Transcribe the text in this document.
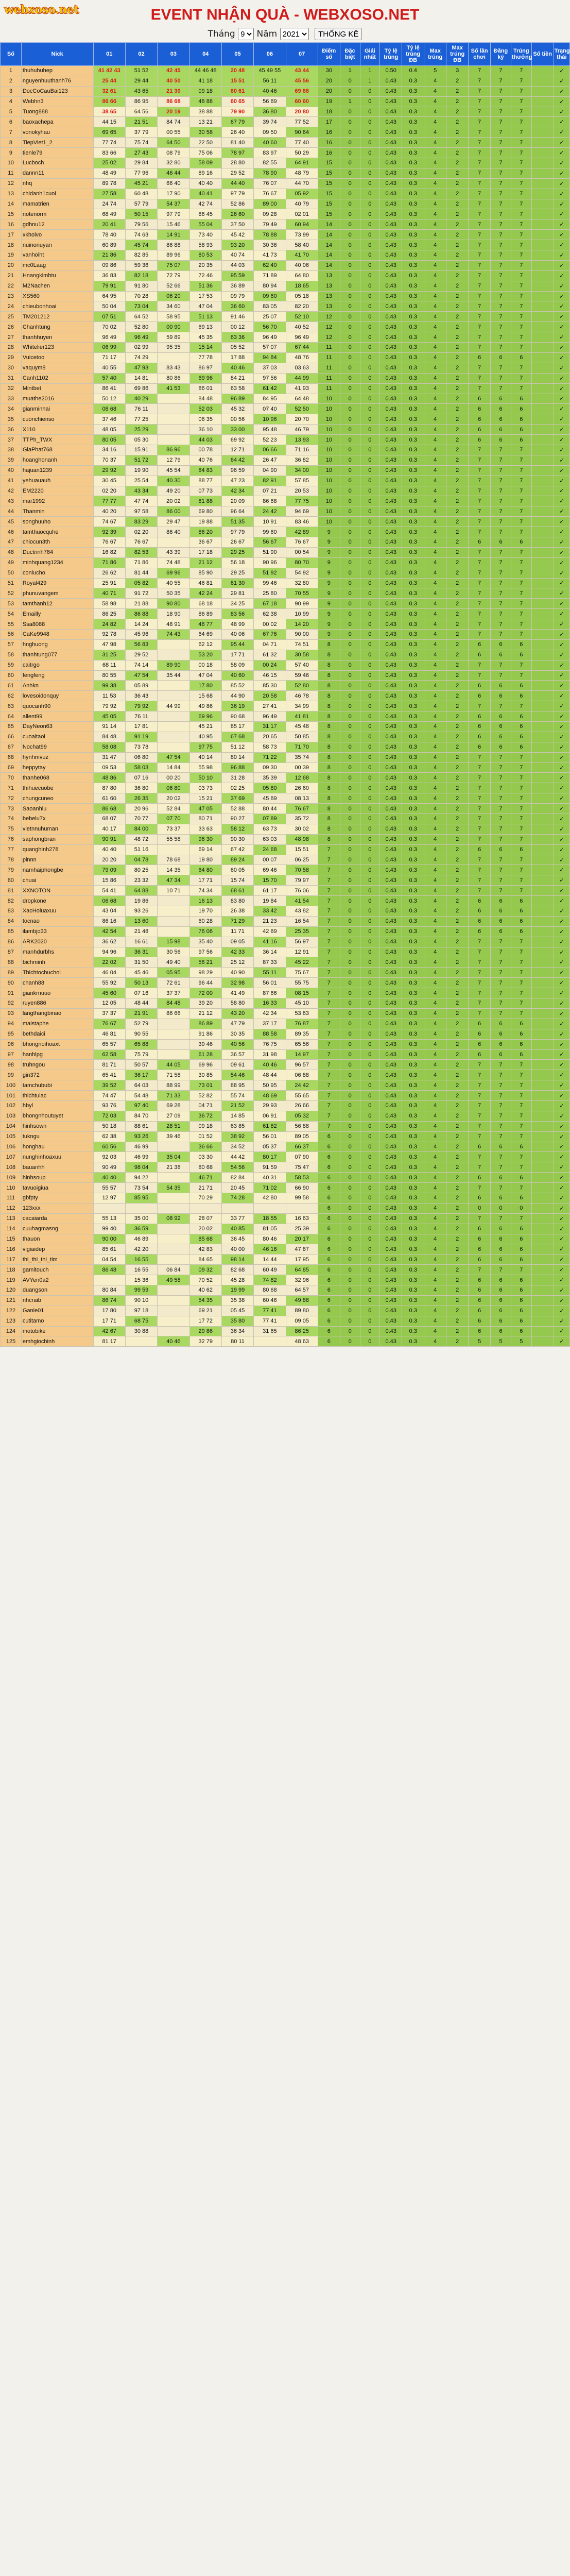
webxoso.net	EVENT NHẬN QUÀ - WEBXOSO.NET
Tháng
9 Năm
2021	THỐNG KÊ
Số	Nick	01	02	03	04	05	06	07	Điểm số	Đặc biệt	Giải nhất	Tỷ lệ trúng	Tỷ lệ trúng ĐB	Max trúng	Max trúng ĐB	Số lần chơi	Đăng ký	Trúng thưởng	Số tiền	Trạng thái
1	thuhuhuhep	41 42 43	51 52	42 45	44 46 48	20 48	45 49 55	43 44	30	1	1	0.50	0.4	5	3	7	7	7		✓
2	nguyenhuuthanh76	25 44	29 44	40 50	41 18	15 51	56 11	45 56	20	0	1	0.43	0.3	4	2	7	7	7		✓
3	DocCoCauBai123	32 61	43 65	21 30	09 18	60 61	40 46	69 88	20	0	0	0.43	0.3	4	2	7	7	7		✓
4	Webhn3	86 66	86 95	86 68	48 88	60 65	56 89	60 60	19	1	0	0.43	0.3	4	2	7	7	7		✓
5	Tuong888	38 65	64 56	20 19	38 88	79 90	36 80	20 80	18	0	0	0.43	0.3	4	2	7	7	7		✓
6	baoxachepa	44 15	21 51	84 74	13 21	67 79	39 74	77 52	17	0	0	0.43	0.3	4	2	7	7	7		✓
7	vonokyhau	69 65	37 79	00 55	30 58	26 40	09 50	90 64	16	0	0	0.43	0.3	4	2	7	7	7		✓
8	TiepViet1_2	77 74	75 74	64 50	22 50	81 40	40 60	77 40	16	0	0	0.43	0.3	4	2	7	7	7		✓
9	tienle79	83 66	27 43	08 79	75 06	78 97	83 97	50 29	16	0	0	0.43	0.3	4	2	7	7	7		✓
10	Lucboch	25 02	29 84	32 80	58 09	28 80	82 55	64 91	15	0	0	0.43	0.3	4	2	7	7	7		✓
11	dannn11	48 49	77 96	46 44	89 16	29 52	78 90	48 79	15	0	0	0.43	0.3	4	2	7	7	7		✓
12	nhq	89 78	45 21	66 40	40 40	44 40	76 07	44 70	15	0	0	0.43	0.3	4	2	7	7	7		✓
13	chidanh1cuoi	27 58	60 48	17 90	40 41	97 79	76 67	05 92	15	0	0	0.43	0.3	4	2	7	7	7		✓
14	mamatrien	24 74	57 79	54 37	42 74	52 86	89 00	40 79	15	0	0	0.43	0.3	4	2	7	7	7		✓
15	notenorm	68 49	50 15	97 79	86 45	26 60	09 28	02 01	15	0	0	0.43	0.3	4	2	7	7	7		✓
16	gdhnu12	20 41	79 56	15 46	55 04	37 50	79 49	60 94	14	0	0	0.43	0.3	4	2	7	7	7		✓
17	xkhoivo	78 40	74 63	14 91	73 40	45 42	78 88	73 99	14	0	0	0.43	0.3	4	2	7	7	7		✓
18	nuinonuyan	60 89	45 74	86 88	58 93	93 20	30 36	58 40	14	0	0	0.43	0.3	4	2	7	7	7		✓
19	vanhoiht	21 86	82 85	89 96	80 53	40 74	41 73	41 70	14	0	0	0.43	0.3	4	2	7	7	7		✓
20	mc0Laag	09 86	59 36	75 07	20 35	44 03	62 40	40 06	14	0	0	0.43	0.3	4	2	7	7	7		✓
21	Hnangkimhtu	36 83	82 18	72 79	72 46	95 59	71 89	64 80	13	0	0	0.43	0.3	4	2	7	7	7		✓
22	M2Nachen	79 91	91 80	52 66	51 36	36 89	80 94	18 65	13	0	0	0.43	0.3	4	2	7	7	7		✓
23	XS560	64 95	70 28	06 20	17 53	09 79	09 60	05 18	13	0	0	0.43	0.3	4	2	7	7	7		✓
24	chieubonhoai	50 04	73 04	34 60	47 04	36 60	83 05	82 20	13	0	0	0.43	0.3	4	2	7	7	7		✓
25	TM201212	07 51	64 52	58 95	51 13	91 46	25 07	52 10	12	0	0	0.43	0.3	4	2	7	7	7		✓
26	Chanhtung	70 02	52 80	00 90	69 13	00 12	56 70	40 52	12	0	0	0.43	0.3	4	2	7	7	7		✓
27	thanhhuyen	96 49	96 49	59 89	45 35	63 36	96 49	96 49	12	0	0	0.43	0.3	4	2	7	7	7		✓
28	Whitelier123	06 99	02 99	95 35	15 14	05 52	57 07	67 44	11	0	0	0.43	0.3	4	2	7	7	7		✓
29	Vuicetoo	71 17	74 29		77 78	17 88	94 84	48 76	11	0	0	0.43	0.3	4	2	6	6	6		✓
30	vaquym8	40 55	47 93	83 43	86 97	40 46	37 03	03 63	11	0	0	0.43	0.3	4	2	7	7	7		✓
31	Canh1102	57 40	14 81	80 86	69 96	84 21	97 56	44 99	11	0	0	0.43	0.3	4	2	7	7	7		✓
32	Mintbet	86 41	69 86	41 53	86 01	63 58	61 42	41 93	11	0	0	0.43	0.3	4	2	7	7	7		✓
33	muathe2016	50 12	40 29		84 48	96 89	84 95	64 48	10	0	0	0.43	0.3	4	2	6	6	6		✓
34	gianminhai	08 68	76 11		52 03	45 32	07 40	52 50	10	0	0	0.43	0.3	4	2	6	6	6		✓
35	cuonchienso	37 46	77 25		08 35	00 56	10 96	20 70	10	0	0	0.43	0.3	4	2	6	6	6		✓
36	X110	48 05	25 29		36 10	33 00	95 48	46 79	10	0	0	0.43	0.3	4	2	6	6	6		✓
37	TTPh_TWX	80 05	05 30		44 03	69 92	52 23	13 93	10	0	0	0.43	0.3	4	2	6	6	6		✓
38	GiaPhat768	34 16	15 91	86 96	00 78	12 71	06 66	71 16	10	0	0	0.43	0.3	4	2	7	7	7		✓
39	hoanghonanh	70 37	51 72	12 79	40 76	64 42	26 47	36 82	10	0	0	0.43	0.3	4	2	7	7	7		✓
40	hajuan1239	29 92	19 90	45 54	84 83	96 59	04 90	34 00	10	0	0	0.43	0.3	4	2	7	7	7		✓
41	yehuauauh	30 45	25 54	40 30	88 77	47 23	82 91	57 85	10	0	0	0.43	0.3	4	2	7	7	7		✓
42	EM2220	02 20	43 34	49 20	07 73	42 34	07 21	20 53	10	0	0	0.43	0.3	4	2	7	7	7		✓
43	mar1992	77 77	47 74	20 02	81 88	20 09	86 68	77 75	10	0	0	0.43	0.3	4	2	7	7	7		✓
44	Thanmin	40 20	97 58	86 00	69 80	96 64	24 42	94 69	10	0	0	0.43	0.3	4	2	7	7	7		✓
45	songhuuho	74 67	83 29	29 47	19 88	51 35	10 91	83 46	10	0	0	0.43	0.3	4	2	7	7	7		✓
46	tamthuocquhe	92 39	02 20	86 40	86 20	97 79	99 60	42 89	9	0	0	0.43	0.3	4	2	7	7	7		✓
47	chiocun3th	76 67	76 67		36 67	26 67	56 67	76 67	9	0	0	0.43	0.3	4	2	6	6	6		✓
48	Ductrinh784	16 82	82 53	43 39	17 18	29 25	51 90	00 54	9	0	0	0.43	0.3	4	2	7	7	7		✓
49	minhquang1234	71 86	71 86	74 48	21 12	56 18	90 96	80 70	9	0	0	0.43	0.3	4	2	7	7	7		✓
50	conlucho	26 62	81 44	69 96	85 90	29 25	51 92	54 92	9	0	0	0.43	0.3	4	2	7	7	7		✓
51	Royal429	25 91	05 82	40 55	46 81	61 30	99 46	32 80	9	0	0	0.43	0.3	4	2	7	7	7		✓
52	phunuvangem	40 71	91 72	50 35	42 24	29 81	25 80	70 55	9	0	0	0.43	0.3	4	2	7	7	7		✓
53	tamthanh12	58 98	21 88	90 80	68 18	34 25	67 18	90 99	9	0	0	0.43	0.3	4	2	7	7	7		✓
54	Emailly	86 25	86 88	18 90	86 89	83 56	62 38	10 99	9	0	0	0.43	0.3	4	2	7	7	7		✓
55	Ssa8088	24 82	14 24	48 91	46 77	48 99	00 02	14 20	9	0	0	0.43	0.3	4	2	7	7	7		✓
56	CaKe9948	92 78	45 96	74 43	64 69	40 06	67 76	90 00	9	0	0	0.43	0.3	4	2	7	7	7		✓
57	hnghuong	47 98	56 83		62 12	95 44	04 71	74 51	8	0	0	0.43	0.3	4	2	6	6	6		✓
58	thanhtung077	31 25	29 52		53 20	17 71	61 32	30 58	8	0	0	0.43	0.3	4	2	6	6	6		✓
59	caitrgo	68 11	74 14	89 90	00 18	58 09	00 24	57 40	8	0	0	0.43	0.3	4	2	7	7	7		✓
60	fengfeng	80 55	47 54	35 44	47 04	40 60	46 15	59 46	8	0	0	0.43	0.3	4	2	7	7	7		✓
61	Anhkn	99 38	05 89		17 80	85 52	85 30	52 80	8	0	0	0.43	0.3	4	2	6	6	6		✓
62	lovesoidonquy	11 53	36 43		15 68	44 90	20 58	46 78	8	0	0	0.43	0.3	4	2	6	6	6		✓
63	quocanh90	79 92	79 92	44 99	49 86	36 19	27 41	34 99	8	0	0	0.43	0.3	4	2	7	7	7		✓
64	allent99	45 05	76 11		69 96	90 68	96 49	41 81	8	0	0	0.43	0.3	4	2	6	6	6		✓
65	DayNeon63	91 14	17 81		45 21	85 17	31 17	45 48	8	0	0	0.43	0.3	4	2	6	6	6		✓
66	cuoaitaoi	84 48	91 19		40 95	67 68	20 65	50 85	8	0	0	0.43	0.3	4	2	6	6	6		✓
67	Nochat99	58 08	73 78		97 75	51 12	58 73	71 70	8	0	0	0.43	0.3	4	2	6	6	6		✓
68	hynhmvuz	31 47	06 80	47 54	40 14	80 14	71 22	35 74	8	0	0	0.43	0.3	4	2	7	7	7		✓
69	heppytay	09 53	58 03	14 84	55 98	96 88	09 30	00 39	8	0	0	0.43	0.3	4	2	7	7	7		✓
70	thanhe068	48 86	07 16	00 20	50 10	31 28	35 39	12 68	8	0	0	0.43	0.3	4	2	7	7	7		✓
71	thihuecuobe	87 80	36 80	06 80	03 73	02 25	05 80	26 60	8	0	0	0.43	0.3	4	2	7	7	7		✓
72	chungcuneo	61 60	26 35	20 02	15 21	37 69	45 89	08 13	8	0	0	0.43	0.3	4	2	7	7	7		✓
73	Saoanhlu	86 68	20 96	52 84	47 05	52 88	80 44	76 67	8	0	0	0.43	0.3	4	2	7	7	7		✓
74	bebelu7x	68 07	70 77	07 70	80 71	90 27	07 89	35 72	8	0	0	0.43	0.3	4	2	7	7	7		✓
75	vietnnuhuman	40 17	84 00	73 37	33 63	58 12	63 73	30 02	8	0	0	0.43	0.3	4	2	7	7	7		✓
76	saphongbran	90 91	48 72	55 58	96 30	90 30	63 03	48 98	8	0	0	0.43	0.3	4	2	7	7	7		✓
77	quanghinh278	40 40	51 16		69 14	67 42	24 68	15 51	7	0	0	0.43	0.3	4	2	6	6	6		✓
78	plnnn	20 20	04 78	78 68	19 80	89 24	00 07	06 25	7	0	0	0.43	0.3	4	2	7	7	7		✓
79	namhaiphongbe	79 09	80 25	14 35	64 80	60 05	69 46	70 58	7	0	0	0.43	0.3	4	2	7	7	7		✓
80	chuai	15 86	23 32	47 34	17 71	15 74	15 70	79 97	7	0	0	0.43	0.3	4	2	7	7	7		✓
81	XXNOTON	54 41	64 88	10 71	74 34	68 61	61 17	76 06	7	0	0	0.43	0.3	4	2	7	7	7		✓
82	dropkone	06 68	19 86		16 13	83 80	19 84	41 54	7	0	0	0.43	0.3	4	2	6	6	6		✓
83	XacHoluaxuu	43 04	93 26		19 70	26 38	33 42	43 82	7	0	0	0.43	0.3	4	2	6	6	6		✓
84	tocnao	86 16	13 60		60 28	71 29	21 23	16 54	7	0	0	0.43	0.3	4	2	6	6	6		✓
85	ilambjo33	42 54	21 48		76 06	11 71	42 89	25 35	7	0	0	0.43	0.3	4	2	6	6	6		✓
86	ARK2020	36 62	16 61	15 98	35 40	09 05	41 16	56 97	7	0	0	0.43	0.3	4	2	7	7	7		✓
87	manhdurbhs	94 96	36 31	30 56	97 56	42 33	36 14	12 91	7	0	0	0.43	0.3	4	2	7	7	7		✓
88	bichminh	22 02	31 50	49 40	56 21	25 12	87 33	45 22	7	0	0	0.43	0.3	4	2	7	7	7		✓
89	Thichtochuchoi	46 04	45 46	05 95	98 29	40 90	55 11	75 67	7	0	0	0.43	0.3	4	2	7	7	7		✓
90	chanh88	55 92	50 13	72 61	96 44	32 98	56 01	55 75	7	0	0	0.43	0.3	4	2	7	7	7		✓
91	giankrnuuo	45 60	07 16	37 37	72 00	41 49	87 66	08 15	7	0	0	0.43	0.3	4	2	7	7	7		✓
92	ruyen886	12 05	48 44	84 48	39 20	58 80	16 33	45 10	7	0	0	0.43	0.3	4	2	7	7	7		✓
93	langthangbinao	37 37	21 91	86 66	21 12	43 20	42 34	53 63	7	0	0	0.43	0.3	4	2	7	7	7		✓
94	maistaphe	76 67	52 79		86 89	47 79	37 17	76 87	7	0	0	0.43	0.3	4	2	6	6	6		✓
95	bethdaici	46 81	90 55		91 86	30 35	88 58	89 35	7	0	0	0.43	0.3	4	2	6	6	6		✓
96	bhongnoihoaxt	65 57	65 88		39 46	40 56	76 75	65 56	7	0	0	0.43	0.3	4	2	6	6	6		✓
97	hanhlpg	62 58	75 79		61 28	36 57	31 98	14 97	7	0	0	0.43	0.3	4	2	6	6	6		✓
98	truhngou	81 71	50 57	44 05	69 96	09 61	40 46	96 57	7	0	0	0.43	0.3	4	2	7	7	7		✓
99	gin372	65 41	36 17	71 58	30 85	54 46	48 44	06 88	7	0	0	0.43	0.3	4	2	7	7	7		✓
100	tamchububi	39 52	64 03	88 99	73 01	88 95	50 95	24 42	7	0	0	0.43	0.3	4	2	7	7	7		✓
101	thichtulac	74 47	54 48	71 33	52 82	55 74	48 69	55 65	7	0	0	0.43	0.3	4	2	7	7	7		✓
102	hbyl	93 76	97 40	69 28	04 71	21 52	29 93	26 66	7	0	0	0.43	0.3	4	2	7	7	7		✓
103	bhongnhoutuyet	72 03	84 70	27 09	36 72	14 85	06 91	05 32	7	0	0	0.43	0.3	4	2	7	7	7		✓
104	hinhsown	50 18	88 61	28 51	09 18	63 85	61 82	56 88	7	0	0	0.43	0.3	4	2	7	7	7		✓
105	tukngu	62 38	93 26	39 46	01 52	38 92	56 01	89 05	6	0	0	0.43	0.3	4	2	7	7	7		✓
106	honghau	60 56	46 99		36 66	34 52	05 37	66 37	6	0	0	0.43	0.3	4	2	6	6	6		✓
107	nunghinhoaxuu	92 03	46 99	35 04	03 30	44 42	80 17	07 90	6	0	0	0.43	0.3	4	2	7	7	7		✓
108	bauanhh	90 49	98 04	21 38	80 68	54 56	91 59	75 47	6	0	0	0.43	0.3	4	2	7	7	7		✓
109	hinhsoup	40 40	94 22		46 71	82 84	40 31	58 53	6	0	0	0.43	0.3	4	2	6	6	6		✓
110	tavuoigiua	55 57	73 54	54 35	21 71	20 45	71 02	66 90	6	0	0	0.43	0.3	4	2	7	7	7		✓
111	gbfpty	12 97	85 95		70 29	74 28	42 80	99 58	6	0	0	0.43	0.3	4	2	6	6	6		✓
112	123xxx								6	0	0	0.43	0.3	4	2	0	0	0		✓
113	cacaiarda	55 13	35 00	08 92	28 07	33 77	18 55	16 63	6	0	0	0.43	0.3	4	2	7	7	7		✓
114	cuuhagmasng	99 40	36 59		20 02	40 85	81 05	25 39	6	0	0	0.43	0.3	4	2	6	6	6		✓
115	thauon	90 00	46 89		85 68	36 45	80 46	20 17	6	0	0	0.43	0.3	4	2	6	6	6		✓
116	vigiaidep	85 61	42 20		42 83	40 00	46 16	47 87	6	0	0	0.43	0.3	4	2	6	6	6		✓
117	thi_thi_thi_tim	04 54	16 55		84 65	98 14	14 44	17 95	6	0	0	0.43	0.3	4	2	6	6	6		✓
118	gamitouch	86 48	16 55	06 84	09 32	82 68	60 49	64 85	6	0	0	0.43	0.3	4	2	7	7	7		✓
119	AVYen0a2		15 36	49 58	70 52	45 28	74 82	32 96	6	0	0	0.43	0.3	4	2	6	6	6		✓
120	duangson	80 84	99 59		40 62	19 99	80 68	64 57	6	0	0	0.43	0.3	4	2	6	6	6		✓
121	nhcraib	86 74	90 10		54 35	35 38	60 46	49 88	6	0	0	0.43	0.3	4	2	6	6	6		✓
122	Ganie01	17 80	97 18		69 21	05 45	77 41	89 80	6	0	0	0.43	0.3	4	2	6	6	6		✓
123	cutitamo	17 71	68 75		17 72	35 80	77 41	09 05	6	0	0	0.43	0.3	4	2	6	6	6		✓
124	motobike	42 67	30 88		29 86	36 34	31 65	86 25	6	0	0	0.43	0.3	4	2	6	6	6		✓
125	emhgiochinh	81 17		40 46	32 79	80 11		48 63	6	0	0	0.43	0.3	4	2	5	5	5		✓
